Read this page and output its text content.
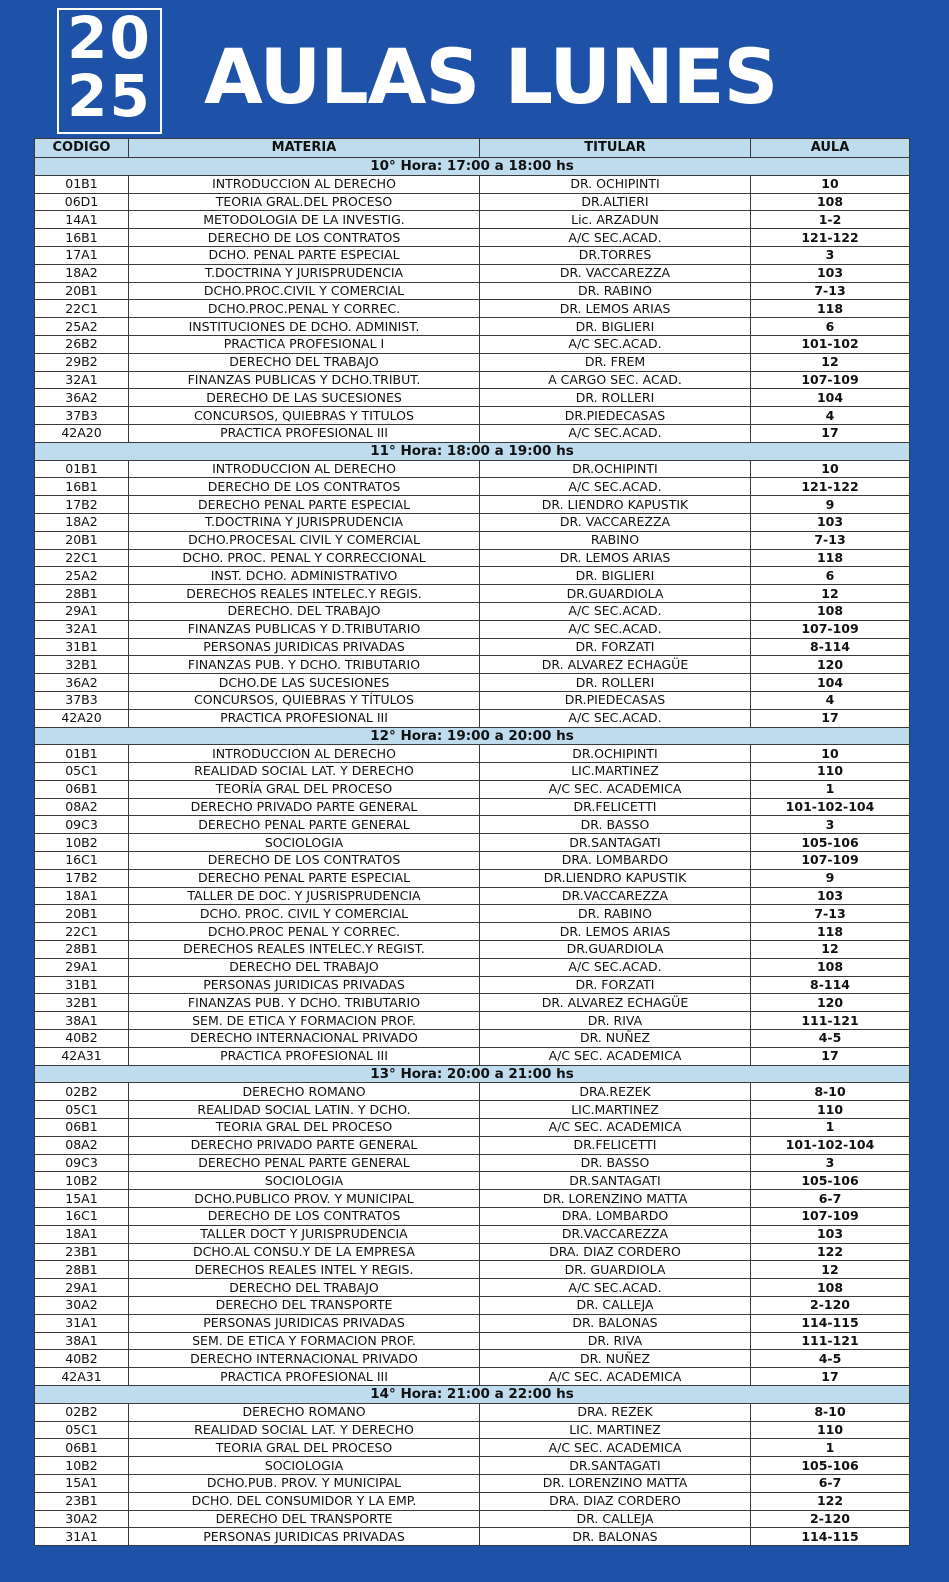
20
25 AULAS LUNES
CODIGO	MATERIA	TITULAR	AULA
10° Hora: 17:00 a 18:00 hs			
01B1	INTRODUCCION AL DERECHO	DR. OCHIPINTI	10
06D1	TEORIA GRAL.DEL PROCESO	DR.ALTIERI	108
14A1	METODOLOGIA DE LA INVESTIG.	Lic. ARZADUN	1-2
16B1	DERECHO DE LOS CONTRATOS	A/C SEC.ACAD.	121-122
17A1	DCHO. PENAL PARTE ESPECIAL	DR.TORRES	3
18A2	T.DOCTRINA Y JURISPRUDENCIA	DR. VACCAREZZA	103
20B1	DCHO.PROC.CIVIL Y COMERCIAL	DR. RABINO	7-13
22C1	DCHO.PROC.PENAL Y CORREC.	DR. LEMOS ARIAS	118
25A2	INSTITUCIONES DE DCHO. ADMINIST.	DR. BIGLIERI	6
26B2	PRACTICA PROFESIONAL I	A/C SEC.ACAD.	101-102
29B2	DERECHO DEL TRABAJO	DR. FREM	12
32A1	FINANZAS PUBLICAS Y DCHO.TRIBUT.	A CARGO SEC. ACAD.	107-109
36A2	DERECHO DE LAS SUCESIONES	DR. ROLLERI	104
37B3	CONCURSOS, QUIEBRAS Y TITULOS	DR.PIEDECASAS	4
42A20	PRACTICA PROFESIONAL III	A/C SEC.ACAD.	17
11° Hora: 18:00 a 19:00 hs			
01B1	INTRODUCCION AL DERECHO	DR.OCHIPINTI	10
16B1	DERECHO DE LOS CONTRATOS	A/C SEC.ACAD.	121-122
17B2	DERECHO PENAL PARTE ESPECIAL	DR. LIENDRO KAPUSTIK	9
18A2	T.DOCTRINA Y JURISPRUDENCIA	DR. VACCAREZZA	103
20B1	DCHO.PROCESAL CIVIL Y COMERCIAL	RABINO	7-13
22C1	DCHO. PROC. PENAL Y CORRECCIONAL	DR. LEMOS ARIAS	118
25A2	INST. DCHO. ADMINISTRATIVO	DR. BIGLIERI	6
28B1	DERECHOS REALES INTELEC.Y REGIS.	DR.GUARDIOLA	12
29A1	DERECHO. DEL TRABAJO	A/C SEC.ACAD.	108
32A1	FINANZAS PUBLICAS Y D.TRIBUTARIO	A/C SEC.ACAD.	107-109
31B1	PERSONAS JURIDICAS PRIVADAS	DR. FORZATI	8-114
32B1	FINANZAS PUB. Y DCHO. TRIBUTARIO	DR. ALVAREZ ECHAGÜE	120
36A2	DCHO.DE LAS SUCESIONES	DR. ROLLERI	104
37B3	CONCURSOS, QUIEBRAS Y TÍTULOS	DR.PIEDECASAS	4
42A20	PRACTICA PROFESIONAL III	A/C SEC.ACAD.	17
12° Hora: 19:00 a 20:00 hs			
01B1	INTRODUCCION AL DERECHO	DR.OCHIPINTI	10
05C1	REALIDAD SOCIAL LAT. Y DERECHO	LIC.MARTINEZ	110
06B1	TEORÍA GRAL DEL PROCESO	A/C SEC. ACADEMICA	1
08A2	DERECHO PRIVADO PARTE GENERAL	DR.FELICETTI	101-102-104
09C3	DERECHO PENAL PARTE GENERAL	DR. BASSO	3
10B2	SOCIOLOGIA	DR.SANTAGATI	105-106
16C1	DERECHO DE LOS CONTRATOS	DRA. LOMBARDO	107-109
17B2	DERECHO PENAL PARTE ESPECIAL	DR.LIENDRO KAPUSTIK	9
18A1	TALLER DE DOC. Y JUSRISPRUDENCIA	DR.VACCAREZZA	103
20B1	DCHO. PROC. CIVIL Y COMERCIAL	DR. RABINO	7-13
22C1	DCHO.PROC PENAL Y CORREC.	DR. LEMOS ARIAS	118
28B1	DERECHOS REALES INTELEC.Y REGIST.	DR.GUARDIOLA	12
29A1	DERECHO DEL TRABAJO	A/C SEC.ACAD.	108
31B1	PERSONAS JURIDICAS PRIVADAS	DR. FORZATI	8-114
32B1	FINANZAS PUB. Y DCHO. TRIBUTARIO	DR. ALVAREZ ECHAGÜE	120
38A1	SEM. DE ETICA Y FORMACION PROF.	DR. RIVA	111-121
40B2	DERECHO INTERNACIONAL PRIVADO	DR. NUÑEZ	4-5
42A31	PRACTICA PROFESIONAL III	A/C SEC. ACADEMICA	17
13° Hora: 20:00 a 21:00 hs			
02B2	DERECHO ROMANO	DRA.REZEK	8-10
05C1	REALIDAD SOCIAL LATIN. Y DCHO.	LIC.MARTINEZ	110
06B1	TEORIA GRAL DEL PROCESO	A/C SEC. ACADEMICA	1
08A2	DERECHO PRIVADO PARTE GENERAL	DR.FELICETTI	101-102-104
09C3	DERECHO PENAL PARTE GENERAL	DR. BASSO	3
10B2	SOCIOLOGIA	DR.SANTAGATI	105-106
15A1	DCHO.PUBLICO PROV. Y MUNICIPAL	DR. LORENZINO MATTA	6-7
16C1	DERECHO DE LOS CONTRATOS	DRA. LOMBARDO	107-109
18A1	TALLER DOCT Y JURISPRUDENCIA	DR.VACCAREZZA	103
23B1	DCHO.AL CONSU.Y DE LA EMPRESA	DRA. DIAZ CORDERO	122
28B1	DERECHOS REALES INTEL Y REGIS.	DR. GUARDIOLA	12
29A1	DERECHO DEL TRABAJO	A/C SEC.ACAD.	108
30A2	DERECHO DEL TRANSPORTE	DR. CALLEJA	2-120
31A1	PERSONAS JURIDICAS PRIVADAS	DR. BALONAS	114-115
38A1	SEM. DE ETICA Y FORMACION PROF.	DR. RIVA	111-121
40B2	DERECHO INTERNACIONAL PRIVADO	DR. NUÑEZ	4-5
42A31	PRACTICA PROFESIONAL III	A/C SEC. ACADEMICA	17
14° Hora: 21:00 a 22:00 hs			
02B2	DERECHO ROMANO	DRA. REZEK	8-10
05C1	REALIDAD SOCIAL LAT. Y DERECHO	LIC. MARTINEZ	110
06B1	TEORIA GRAL DEL PROCESO	A/C SEC. ACADEMICA	1
10B2	SOCIOLOGIA	DR.SANTAGATI	105-106
15A1	DCHO.PUB. PROV. Y MUNICIPAL	DR. LORENZINO MATTA	6-7
23B1	DCHO. DEL CONSUMIDOR Y LA EMP.	DRA. DIAZ CORDERO	122
30A2	DERECHO DEL TRANSPORTE	DR. CALLEJA	2-120
31A1	PERSONAS JURIDICAS PRIVADAS	DR. BALONAS	114-115
